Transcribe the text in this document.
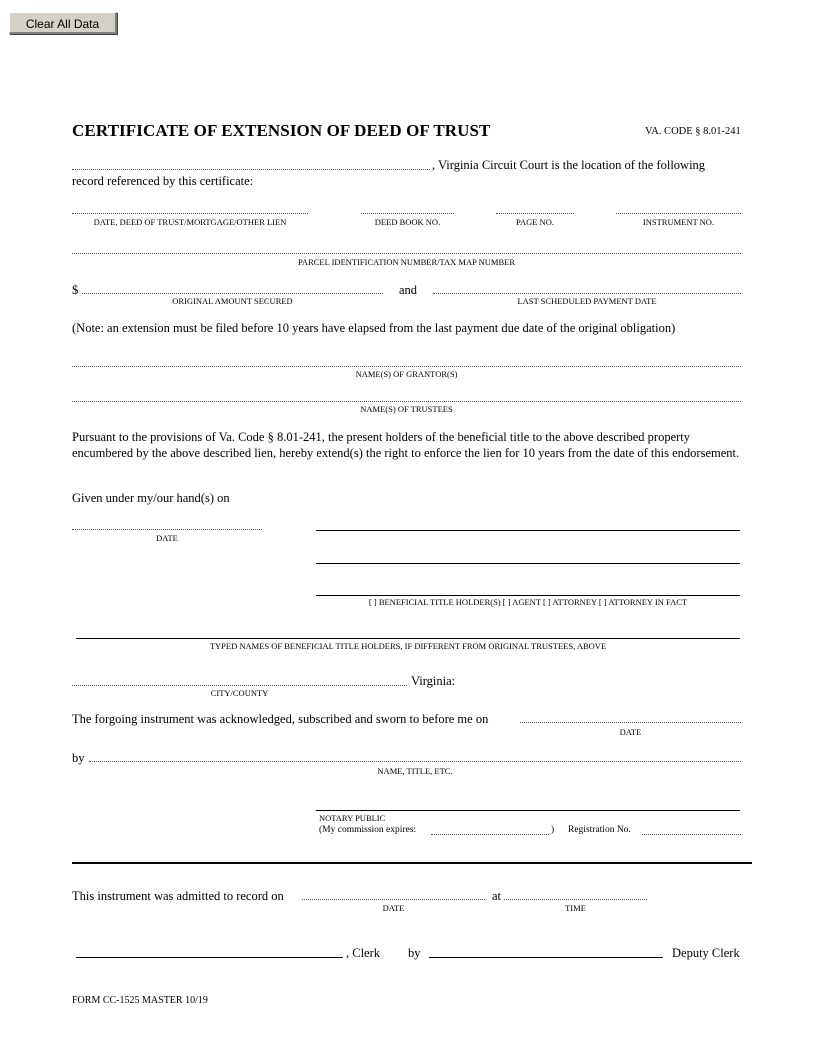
Clear All Data
CERTIFICATE OF EXTENSION OF DEED OF TRUST	VA. CODE § 8.01-241
, Virginia Circuit Court is the location of the following
record referenced by this certificate:
DATE, DEED OF TRUST/MORTGAGE/OTHER LIEN	DEED BOOK NO.	PAGE NO.	INSTRUMENT NO.
PARCEL IDENTIFICATION NUMBER/TAX MAP NUMBER
$	and
ORIGINAL AMOUNT SECURED	LAST SCHEDULED PAYMENT DATE
(Note: an extension must be filed before 10 years have elapsed from the last payment due date of the original obligation)
NAME(S) OF GRANTOR(S)
NAME(S) OF TRUSTEES
Pursuant to the provisions of Va. Code § 8.01-241, the present holders of the beneficial title to the above described property encumbered by the above described lien, hereby extend(s) the right to enforce the lien for 10 years from the date of this endorsement.
Given under my/our hand(s) on
DATE
[ ] BENEFICIAL TITLE HOLDER(S) [ ] AGENT [ ] ATTORNEY [ ] ATTORNEY IN FACT
TYPED NAMES OF BENEFICIAL TITLE HOLDERS, IF DIFFERENT FROM ORIGINAL TRUSTEES, ABOVE
Virginia:
CITY/COUNTY
The forgoing instrument was acknowledged, subscribed and sworn to before me on
DATE
by
NAME, TITLE, ETC.
NOTARY PUBLIC
(My commission expires:	) Registration No.
This instrument was admitted to record on	at
DATE	TIME
, Clerk by	Deputy Clerk
FORM CC-1525 MASTER 10/19
